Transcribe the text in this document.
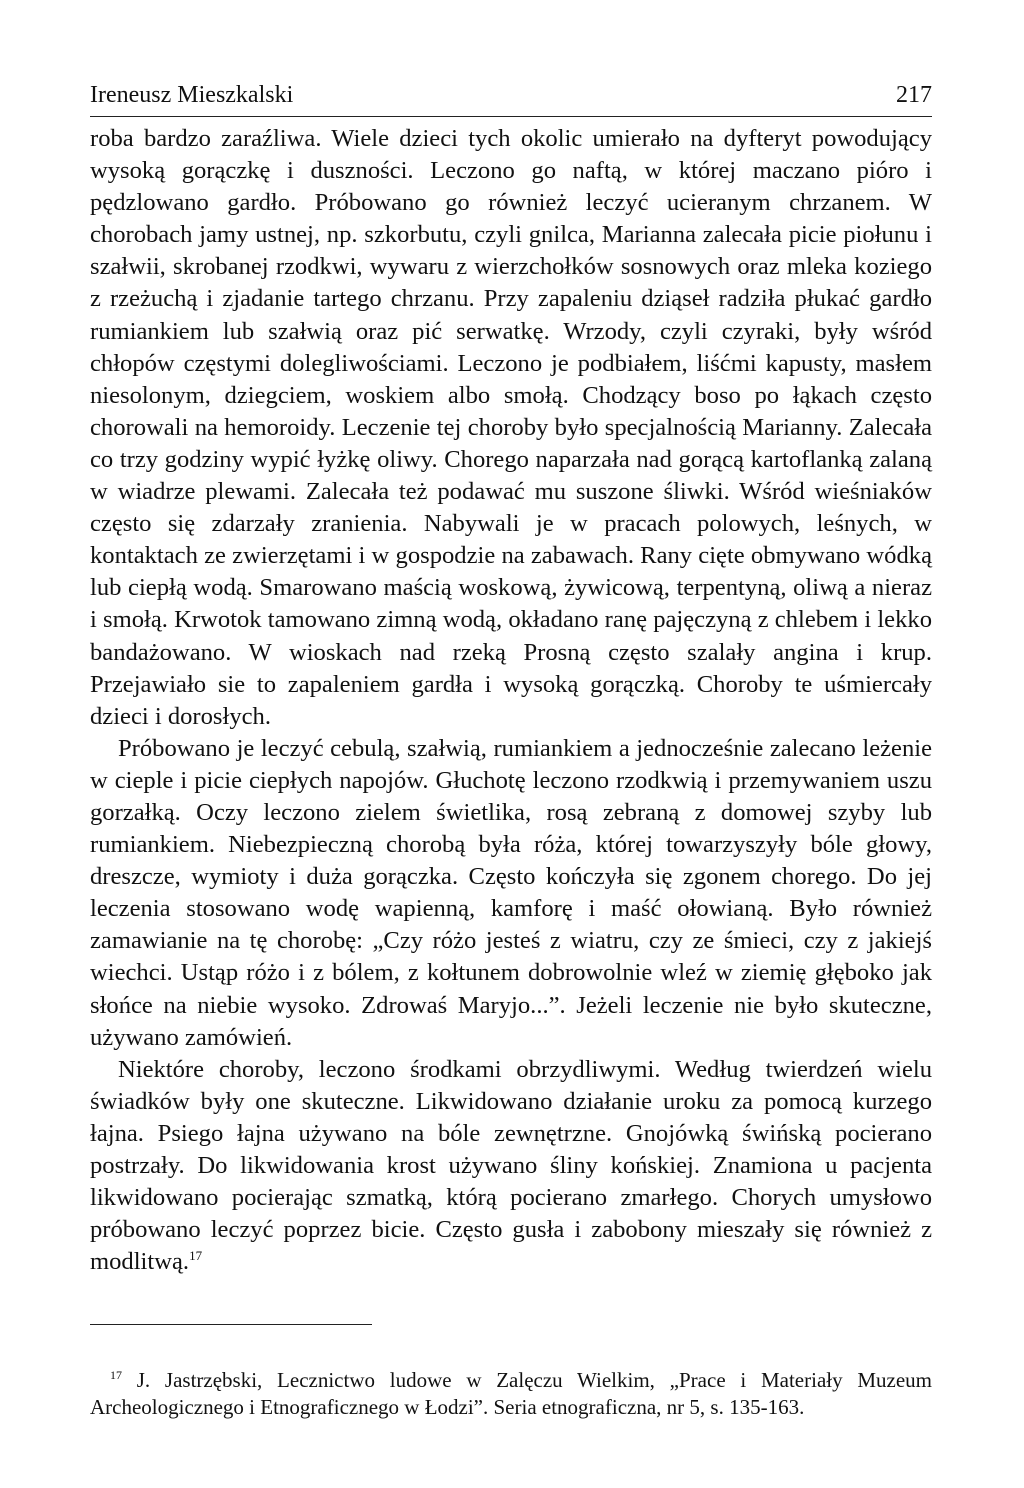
Ireneusz Mieszkalski	217

roba bardzo zaraźliwa. Wiele dzieci tych okolic umierało na dyfteryt powodujący wysoką gorączkę i duszności. Leczono go naftą, w której maczano pióro i pędzlowano gardło. Próbowano go również leczyć ucieranym chrzanem. W chorobach jamy ustnej, np. szkorbutu, czyli gnilca, Marianna zalecała picie piołunu i szałwii, skrobanej rzodkwi, wywaru z wierzchołków sosnowych oraz mleka koziego z rzeżuchą i zjadanie tartego chrzanu. Przy zapaleniu dziąseł radziła płukać gardło rumiankiem lub szałwią oraz pić serwatkę. Wrzody, czyli czyraki, były wśród chłopów częstymi dolegliwościami. Leczono je podbiałem, liśćmi kapusty, masłem niesolonym, dziegciem, woskiem albo smołą. Chodzący boso po łąkach często chorowali na hemoroidy. Leczenie tej choroby było specjalnością Marianny. Zalecała co trzy godziny wypić łyżkę oliwy. Chorego naparzała nad gorącą kartoflanką zalaną w wiadrze plewami. Zalecała też podawać mu suszone śliwki. Wśród wieśniaków często się zdarzały zranienia. Nabywali je w pracach polowych, leśnych, w kontaktach ze zwierzętami i w gospodzie na zabawach. Rany cięte obmywano wódką lub ciepłą wodą. Smarowano maścią woskową, żywicową, terpentyną, oliwą a nieraz i smołą. Krwotok tamowano zimną wodą, okładano ranę pajęczyną z chlebem i lekko bandażowano. W wioskach nad rzeką Prosną często szalały angina i krup. Przejawiało sie to zapaleniem gardła i wysoką gorączką. Choroby te uśmiercały dzieci i dorosłych.

Próbowano je leczyć cebulą, szałwią, rumiankiem a jednocześnie zalecano leżenie w cieple i picie ciepłych napojów. Głuchotę leczono rzodkwią i przemywaniem uszu gorzałką. Oczy leczono zielem świetlika, rosą zebraną z domowej szyby lub rumiankiem. Niebezpieczną chorobą była róża, której towarzyszyły bóle głowy, dreszcze, wymioty i duża gorączka. Często kończyła się zgonem chorego. Do jej leczenia stosowano wodę wapienną, kamforę i maść ołowianą. Było również zamawianie na tę chorobę: „Czy różo jesteś z wiatru, czy ze śmieci, czy z jakiejś wiechci. Ustąp różo i z bólem, z kołtunem dobrowolnie wleź w ziemię głęboko jak słońce na niebie wysoko. Zdrowaś Maryjo...”. Jeżeli leczenie nie było skuteczne, używano zamówień.

Niektóre choroby, leczono środkami obrzydliwymi. Według twierdzeń wielu świadków były one skuteczne. Likwidowano działanie uroku za pomocą kurzego łajna. Psiego łajna używano na bóle zewnętrzne. Gnojówką świńską pocierano postrzały. Do likwidowania krost używano śliny końskiej. Znamiona u pacjenta likwidowano pocierając szmatką, którą pocierano zmarłego. Chorych umysłowo próbowano leczyć poprzez bicie. Często gusła i zabobony mieszały się również z modlitwą.$^{17}$

$^{17}$ J. Jastrzębski, Lecznictwo ludowe w Zalęczu Wielkim, „Prace i Materiały Muzeum Archeologicznego i Etnograficznego w Łodzi”. Seria etnograficzna, nr 5, s. 135-163.
